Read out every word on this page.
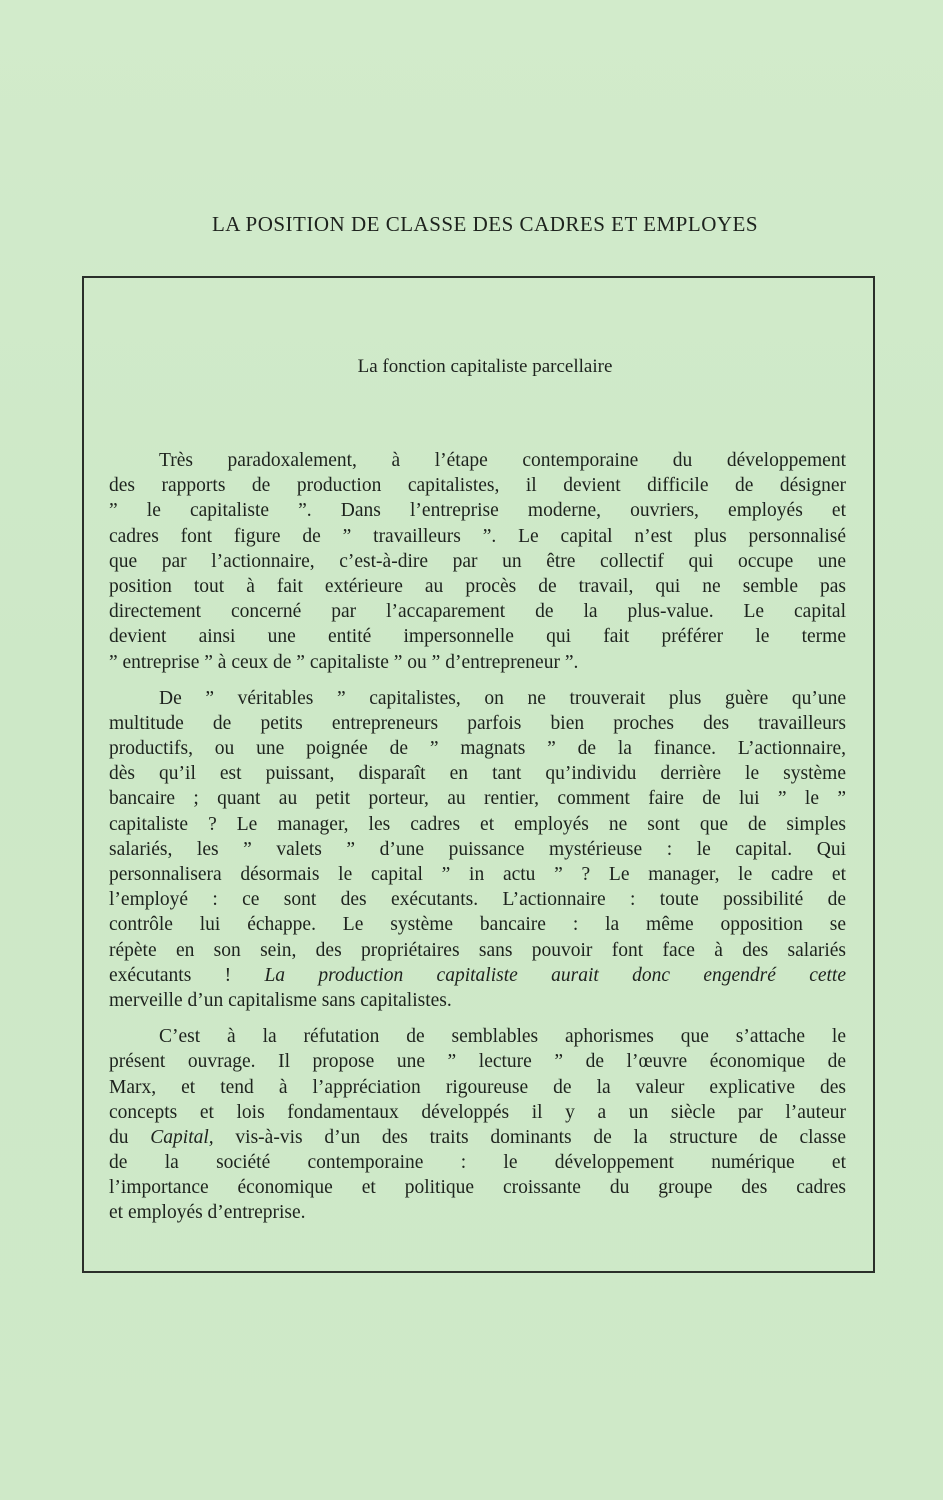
LA POSITION DE CLASSE DES CADRES ET EMPLOYES
La fonction capitaliste parcellaire
Très paradoxalement, à l’étape contemporaine du développement
des rapports de production capitalistes, il devient difficile de désigner
” le capitaliste ”. Dans l’entreprise moderne, ouvriers, employés et
cadres font figure de ” travailleurs ”. Le capital n’est plus personnalisé
que par l’actionnaire, c’est-à-dire par un être collectif qui occupe une
position tout à fait extérieure au procès de travail, qui ne semble pas
directement concerné par l’accaparement de la plus-value. Le capital
devient ainsi une entité impersonnelle qui fait préférer le terme
” entreprise ” à ceux de ” capitaliste ” ou ” d’entrepreneur ”.
De ” véritables ” capitalistes, on ne trouverait plus guère qu’une
multitude de petits entrepreneurs parfois bien proches des travailleurs
productifs, ou une poignée de ” magnats ” de la finance. L’actionnaire,
dès qu’il est puissant, disparaît en tant qu’individu derrière le système
bancaire ; quant au petit porteur, au rentier, comment faire de lui ” le ”
capitaliste ? Le manager, les cadres et employés ne sont que de simples
salariés, les ” valets ” d’une puissance mystérieuse : le capital. Qui
personnalisera désormais le capital ” in actu ” ? Le manager, le cadre et
l’employé : ce sont des exécutants. L’actionnaire : toute possibilité de
contrôle lui échappe. Le système bancaire : la même opposition se
répète en son sein, des propriétaires sans pouvoir font face à des salariés
exécutants ! La production capitaliste aurait donc engendré cette
merveille d’un capitalisme sans capitalistes.
C’est à la réfutation de semblables aphorismes que s’attache le
présent ouvrage. Il propose une ” lecture ” de l’œuvre économique de
Marx, et tend à l’appréciation rigoureuse de la valeur explicative des
concepts et lois fondamentaux développés il y a un siècle par l’auteur
du Capital, vis-à-vis d’un des traits dominants de la structure de classe
de la société contemporaine : le développement numérique et
l’importance économique et politique croissante du groupe des cadres
et employés d’entreprise.
